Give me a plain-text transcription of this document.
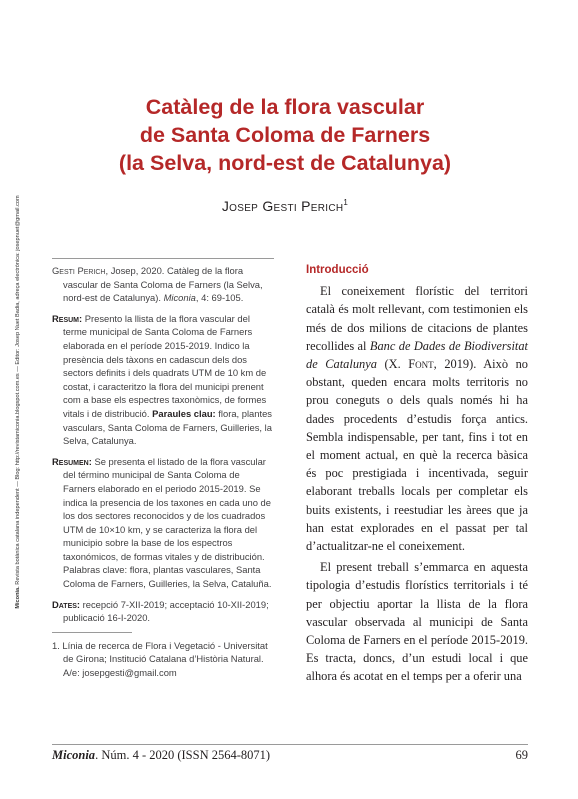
Miconia. Revista botànica catalana independent — Blog: http://revistamiconia.blogspot.com.es — Editor: Josep Nuet Badia, adreça electrònica: josepnuet@gmail.com
Catàleg de la flora vascular
de Santa Coloma de Farners
(la Selva, nord-est de Catalunya)
Josep Gesti Perich$^1$

Gesti Perich, Josep, 2020. Catàleg de la flora vascular de Santa Coloma de Farners (la Selva, nord-est de Catalunya). Miconia, 4: 69-105.

Resum: Presento la llista de la flora vascular del terme municipal de Santa Coloma de Farners elaborada en el període 2015-2019. Indico la presència dels tàxons en cadascun dels dos sectors definits i dels quadrats UTM de 10 km de costat, i caracteritzo la flora del municipi prenent com a base els espectres taxonòmics, de formes vitals i de distribució. Paraules clau: flora, plantes vasculars, Santa Coloma de Farners, Guilleries, la Selva, Catalunya.

Resumen: Se presenta el listado de la flora vascular del término municipal de Santa Coloma de Farners elaborado en el periodo 2015-2019. Se indica la presencia de los taxones en cada uno de los dos sectores reconocidos y de los cuadrados UTM de 10×10 km, y se caracteriza la flora del municipio sobre la base de los espectros taxonómicos, de formas vitales y de distribución. Palabras clave: flora, plantas vasculares, Santa Coloma de Farners, Guilleries, la Selva, Cataluña.

Dates: recepció 7-XII-2019; acceptació 10-XII-2019; publicació 16-I-2020.

1. Línia de recerca de Flora i Vegetació - Universitat de Girona; Institució Catalana d’Història Natural. A/e: josepgesti@gmail.com

Introducció

El coneixement florístic del territori català és molt rellevant, com testimonien els més de dos milions de citacions de plantes recollides al Banc de Dades de Biodiversitat de Catalunya (X. Font, 2019). Això no obstant, queden encara molts territoris no prou coneguts o dels quals només hi ha dades procedents d’estudis força antics. Sembla indispensable, per tant, fins i tot en el moment actual, en què la recerca bàsica és poc prestigiada i incentivada, seguir elaborant treballs locals per completar els buits existents, i reestudiar les àrees que ja han estat explorades en el passat per tal d’actualitzar-ne el coneixement.

El present treball s’emmarca en aquesta tipologia d’estudis florístics territorials i té per objectiu aportar la llista de la flora vascular observada al municipi de Santa Coloma de Farners en el període 2015-2019. Es tracta, doncs, d’un estudi local i que alhora és acotat en el temps per a oferir una

Miconia. Núm. 4 - 2020 (ISSN 2564-8071)	69
